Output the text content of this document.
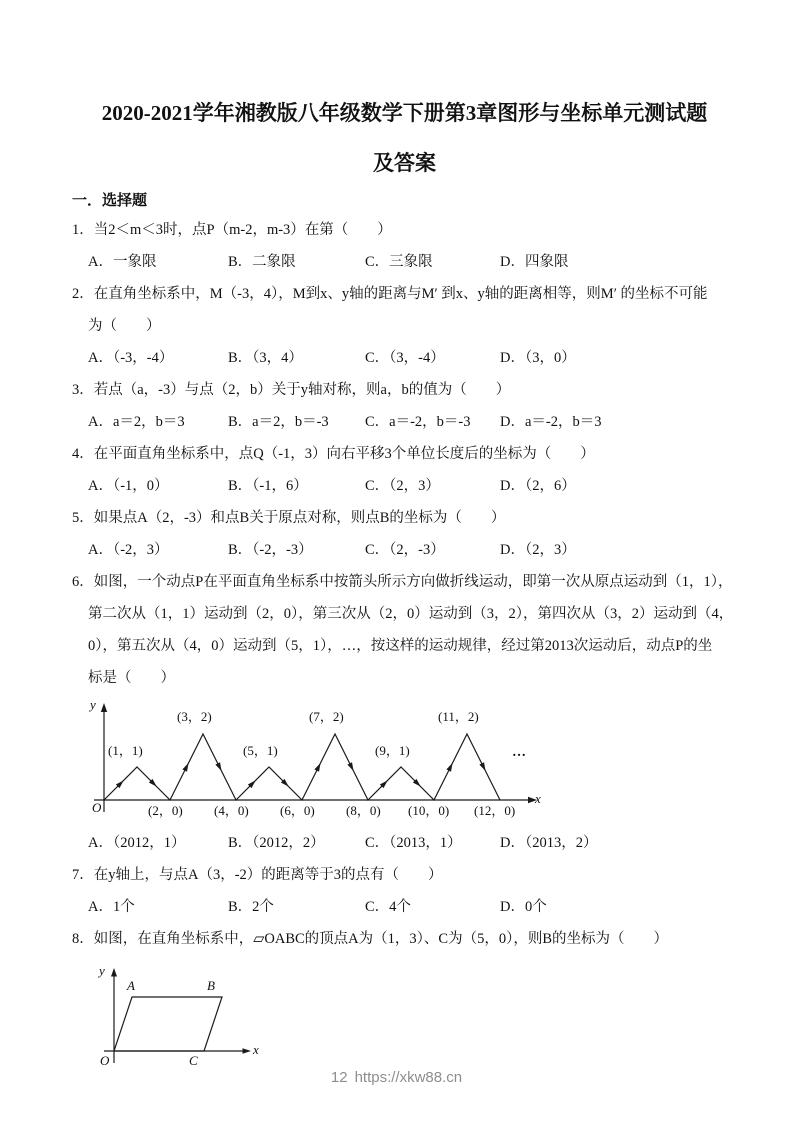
2020-2021学年湘教版八年级数学下册第3章图形与坐标单元测试题
及答案
一．选择题
1．当2＜m＜3时，点P（m-2，m-3）在第（　　）
A．一象限	B．二象限	C．三象限	D．四象限
2．在直角坐标系中，M（-3，4），M到x、y轴的距离与M′ 到x、y轴的距离相等，则M′ 的坐标不可能
为（　　）
A．（-3，-4）	B．（3，4）	C．（3，-4）	D．（3，0）
3．若点（a，-3）与点（2，b）关于y轴对称，则a，b的值为（　　）
A．a＝2，b＝3	B．a＝2，b＝-3	C．a＝-2，b＝-3	D．a＝-2，b＝3
4．在平面直角坐标系中，点Q（-1，3）向右平移3个单位长度后的坐标为（　　）
A．（-1，0）	B．（-1，6）	C．（2，3）	D．（2，6）
5．如果点A（2，-3）和点B关于原点对称，则点B的坐标为（　　）
A．（-2，3）	B．（-2，-3）	C．（2，-3）	D．（2，3）
6．如图，一个动点P在平面直角坐标系中按箭头所示方向做折线运动，即第一次从原点运动到（1，1），
第二次从（1，1）运动到（2，0），第三次从（2，0）运动到（3，2），第四次从（3，2）运动到（4，
0），第五次从（4，0）运动到（5，1），…，按这样的运动规律，经过第2013次运动后，动点P的坐
标是（　　）
y
x
O
(1，1)
(3，2)
(5，1)
(7，2)
(9，1)
(11，2)
(2，0) (4，0) (6，0) (8，0) (10，0) (12，0)
…
A．（2012，1）	B．（2012，2）	C．（2013，1）	D．（2013，2）
7．在y轴上，与点A（3，-2）的距离等于3的点有（　　）
A．1个	B．2个	C．4个	D．0个
8．如图，在直角坐标系中，▱OABC的顶点A为（1，3）、C为（5，0），则B的坐标为（　　）
y
x
O
A	B
C
12 https://xkw88.cn
